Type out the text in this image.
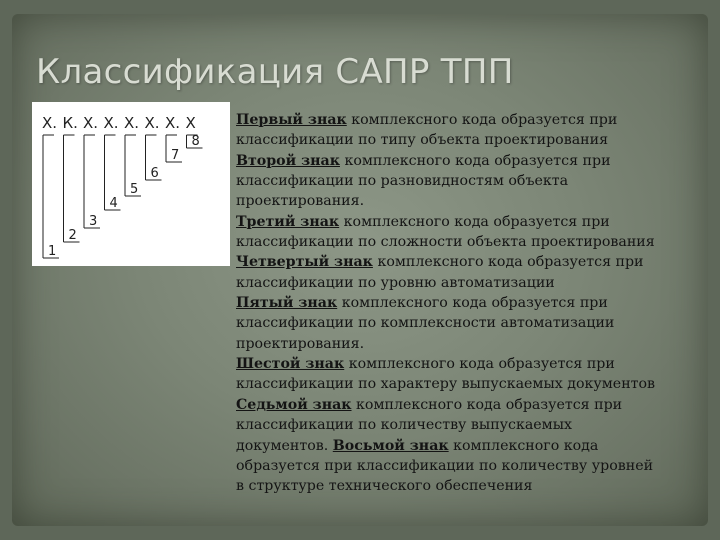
Классификация САПР ТПП
Х. К. Х. Х. Х. Х. Х. Х
1
2
3
4
5
6
7
8
Первый знак комплексного кода образуется при
классификации по типу объекта проектирования
Второй знак комплексного кода образуется при
классификации по разновидностям объекта
проектирования.
Третий знак комплексного кода образуется при
классификации по сложности объекта проектирования
Четвертый знак комплексного кода образуется при
классификации по уровню автоматизации
Пятый знак комплексного кода образуется при
классификации по комплексности автоматизации
проектирования.
Шестой знак комплексного кода образуется при
классификации по характеру выпускаемых документов
Седьмой знак комплексного кода образуется при
классификации по количеству выпускаемых
документов. Восьмой знак комплексного кода
образуется при классификации по количеству уровней
в структуре технического обеспечения
